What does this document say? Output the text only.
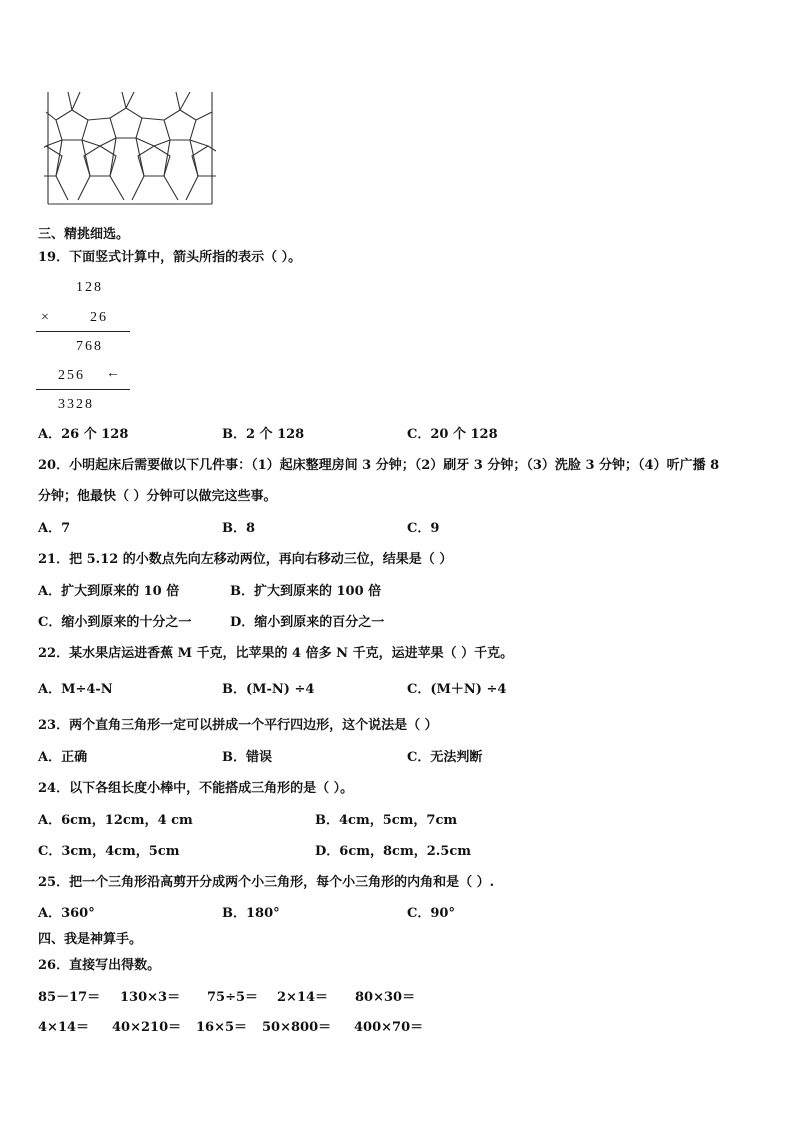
三、精挑细选。
19．下面竖式计算中，箭头所指的表示（ ）。
128
×	26
768
256 ←
3328
A．26 个 128	B．2 个 128	C．20 个 128
20．小明起床后需要做以下几件事：（1）起床整理房间 3 分钟；（2）刷牙 3 分钟；（3）洗脸 3 分钟；（4）听广播 8
分钟；他最快（ ）分钟可以做完这些事。
A．7	B．8	C．9
21．把 5.12 的小数点先向左移动两位，再向右移动三位，结果是（ ）
A．扩大到原来的 10 倍	B．扩大到原来的 100 倍
C．缩小到原来的十分之一	D．缩小到原来的百分之一
22．某水果店运进香蕉 M 千克，比苹果的 4 倍多 N 千克，运进苹果（ ）千克。
A．M÷4-N	B．(M-N) ÷4	C．(M＋N) ÷4
23．两个直角三角形一定可以拼成一个平行四边形，这个说法是（ ）
A．正确	B．错误	C．无法判断
24．以下各组长度小棒中，不能搭成三角形的是（ ）。
A．6cm，12cm，4 cm	B．4cm，5cm，7cm
C．3cm，4cm，5cm	D．6cm，8cm，2.5cm
25．把一个三角形沿高剪开分成两个小三角形，每个小三角形的内角和是（ ）.
A．360°	B．180°	C．90°
四、我是神算手。
26．直接写出得数。
85－17＝ 130×3＝ 75÷5＝ 2×14＝ 80×30＝
4×14＝ 40×210＝ 16×5＝ 50×800＝ 400×70＝
